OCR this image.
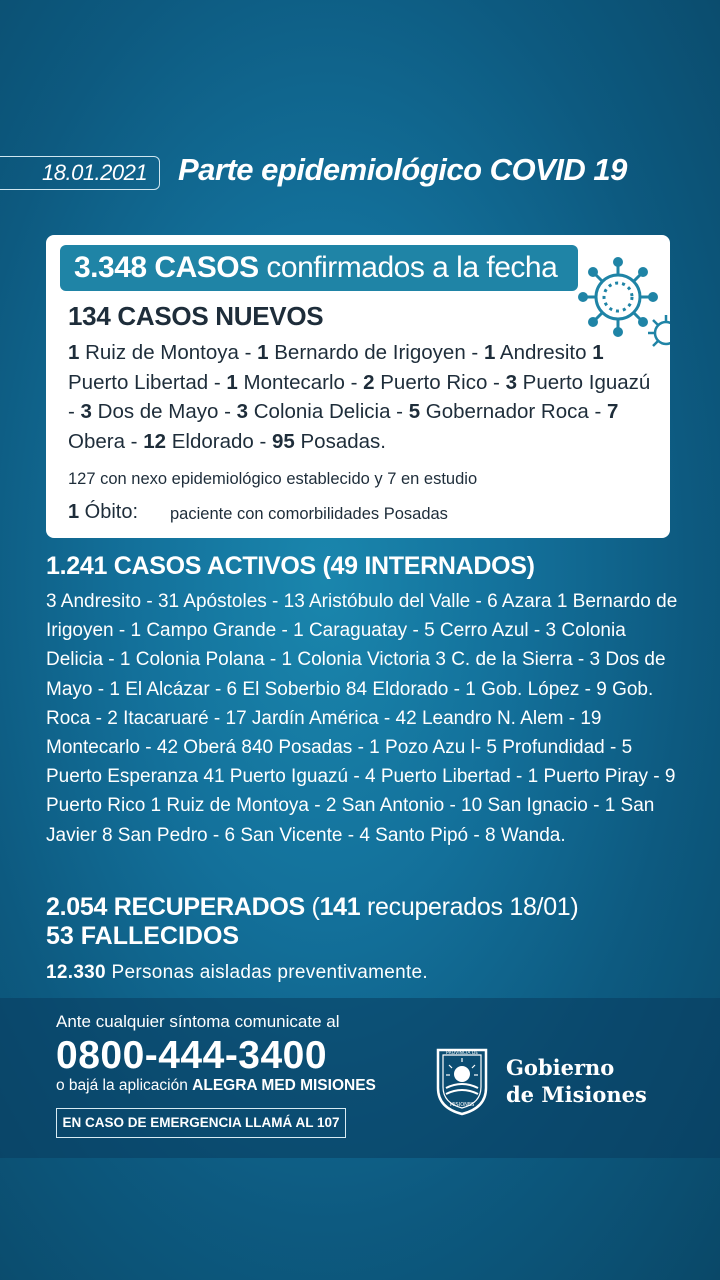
18.01.2021 Parte epidemiológico COVID 19
3.348 CASOS confirmados a la fecha
134 CASOS NUEVOS
1 Ruiz de Montoya - 1 Bernardo de Irigoyen - 1 Andresito 1 Puerto Libertad - 1 Montecarlo - 2 Puerto Rico - 3 Puerto Iguazú - 3 Dos de Mayo - 3 Colonia Delicia - 5 Gobernador Roca - 7 Obera - 12 Eldorado - 95 Posadas.
127 con nexo epidemiológico establecido y 7 en estudio
1 Óbito: paciente con comorbilidades Posadas
1.241 CASOS ACTIVOS (49 INTERNADOS)
3 Andresito - 31 Apóstoles - 13 Aristóbulo del Valle - 6 Azara 1 Bernardo de Irigoyen - 1 Campo Grande - 1 Caraguatay - 5 Cerro Azul - 3 Colonia Delicia - 1 Colonia Polana - 1 Colonia Victoria 3 C. de la Sierra - 3 Dos de Mayo - 1 El Alcázar - 6 El Soberbio 84 Eldorado - 1 Gob. López - 9 Gob. Roca - 2 Itacaruaré - 17 Jardín América - 42 Leandro N. Alem - 19 Montecarlo - 42 Oberá 840 Posadas - 1 Pozo Azu l- 5 Profundidad - 5 Puerto Esperanza 41 Puerto Iguazú - 4 Puerto Libertad - 1 Puerto Piray - 9 Puerto Rico 1 Ruiz de Montoya - 2 San Antonio - 10 San Ignacio - 1 San Javier 8 San Pedro - 6 San Vicente - 4 Santo Pipó - 8 Wanda.
2.054 RECUPERADOS (141 recuperados 18/01)
53 FALLECIDOS
12.330 Personas aisladas preventivamente.
Ante cualquier síntoma comunicate al
0800-444-3400
o bajá la aplicación ALEGRA MED MISIONES
EN CASO DE EMERGENCIA LLAMÁ AL 107
PROVINCIA DE
MISIONES
Gobierno
de Misiones
